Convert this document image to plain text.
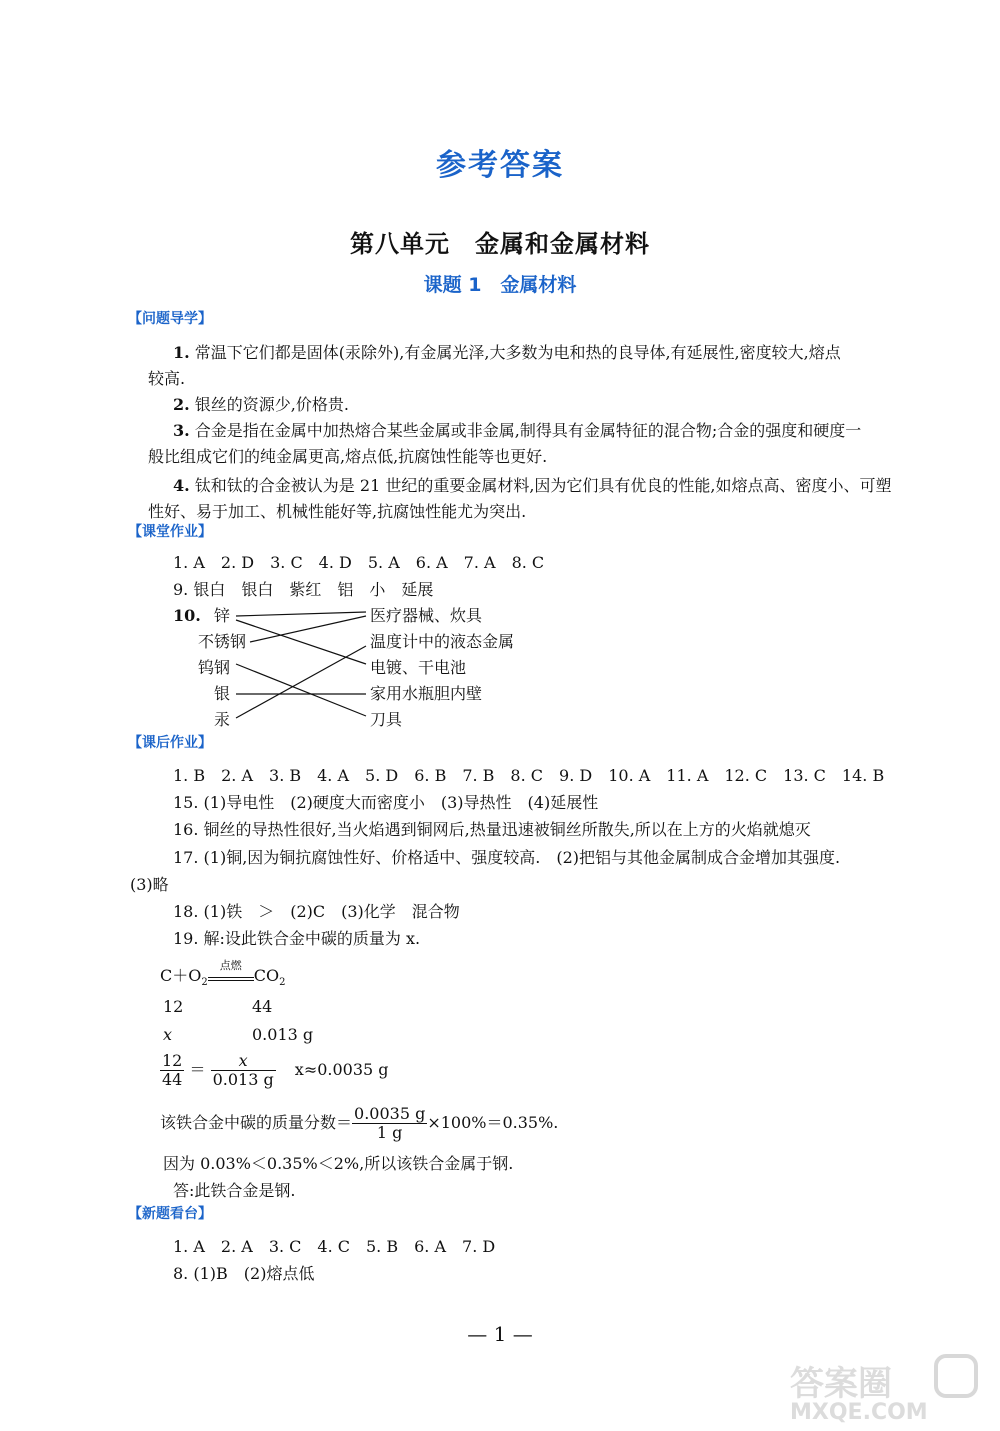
参考答案
第八单元　金属和金属材料
课题 1　金属材料
【问题导学】
1. 常温下它们都是固体(汞除外),有金属光泽,大多数为电和热的良导体,有延展性,密度较大,熔点
较高.
2. 银丝的资源少,价格贵.
3. 合金是指在金属中加热熔合某些金属或非金属,制得具有金属特征的混合物;合金的强度和硬度一
般比组成它们的纯金属更高,熔点低,抗腐蚀性能等也更好.
4. 钛和钛的合金被认为是 21 世纪的重要金属材料,因为它们具有优良的性能,如熔点高、密度小、可塑
性好、易于加工、机械性能好等,抗腐蚀性能尤为突出.
【课堂作业】
1. A　2. D　3. C　4. D　5. A　6. A　7. A　8. C
9. 银白　银白　紫红　铝　小　延展
10. 锌
不锈钢
钨钢
银
汞
医疗器械、炊具
温度计中的液态金属
电镀、干电池
家用水瓶胆内壁
刀具
【课后作业】
1. B　2. A　3. B　4. A　5. D　6. B　7. B　8. C　9. D　10. A　11. A　12. C　13. C　14. B
15. (1)导电性　(2)硬度大而密度小　(3)导热性　(4)延展性
16. 铜丝的导热性很好,当火焰遇到铜网后,热量迅速被铜丝所散失,所以在上方的火焰就熄灭
17. (1)铜,因为铜抗腐蚀性好、价格适中、强度较高.　(2)把铝与其他金属制成合金增加其强度.
(3)略
18. (1)铁　＞　(2)C　(3)化学　混合物
19. 解:设此铁合金中碳的质量为 x.
$C+O_2$
点燃
$CO_2$
12	44
x	0.013 g
$\frac{12}{44} = \frac{x}{0.013 g} x\approx 0.0035$ g
该铁合金中碳的质量分数＝ $\frac{0.0035 g}{1 g} \times 100\%=0.35\%$.
因为 0.03%＜0.35%＜2%,所以该铁合金属于钢.
答:此铁合金是钢.
【新题看台】
1. A　2. A　3. C　4. C　5. B　6. A　7. D
8. (1)B　(2)熔点低
— 1 —
答案圈
MXQE.COM
